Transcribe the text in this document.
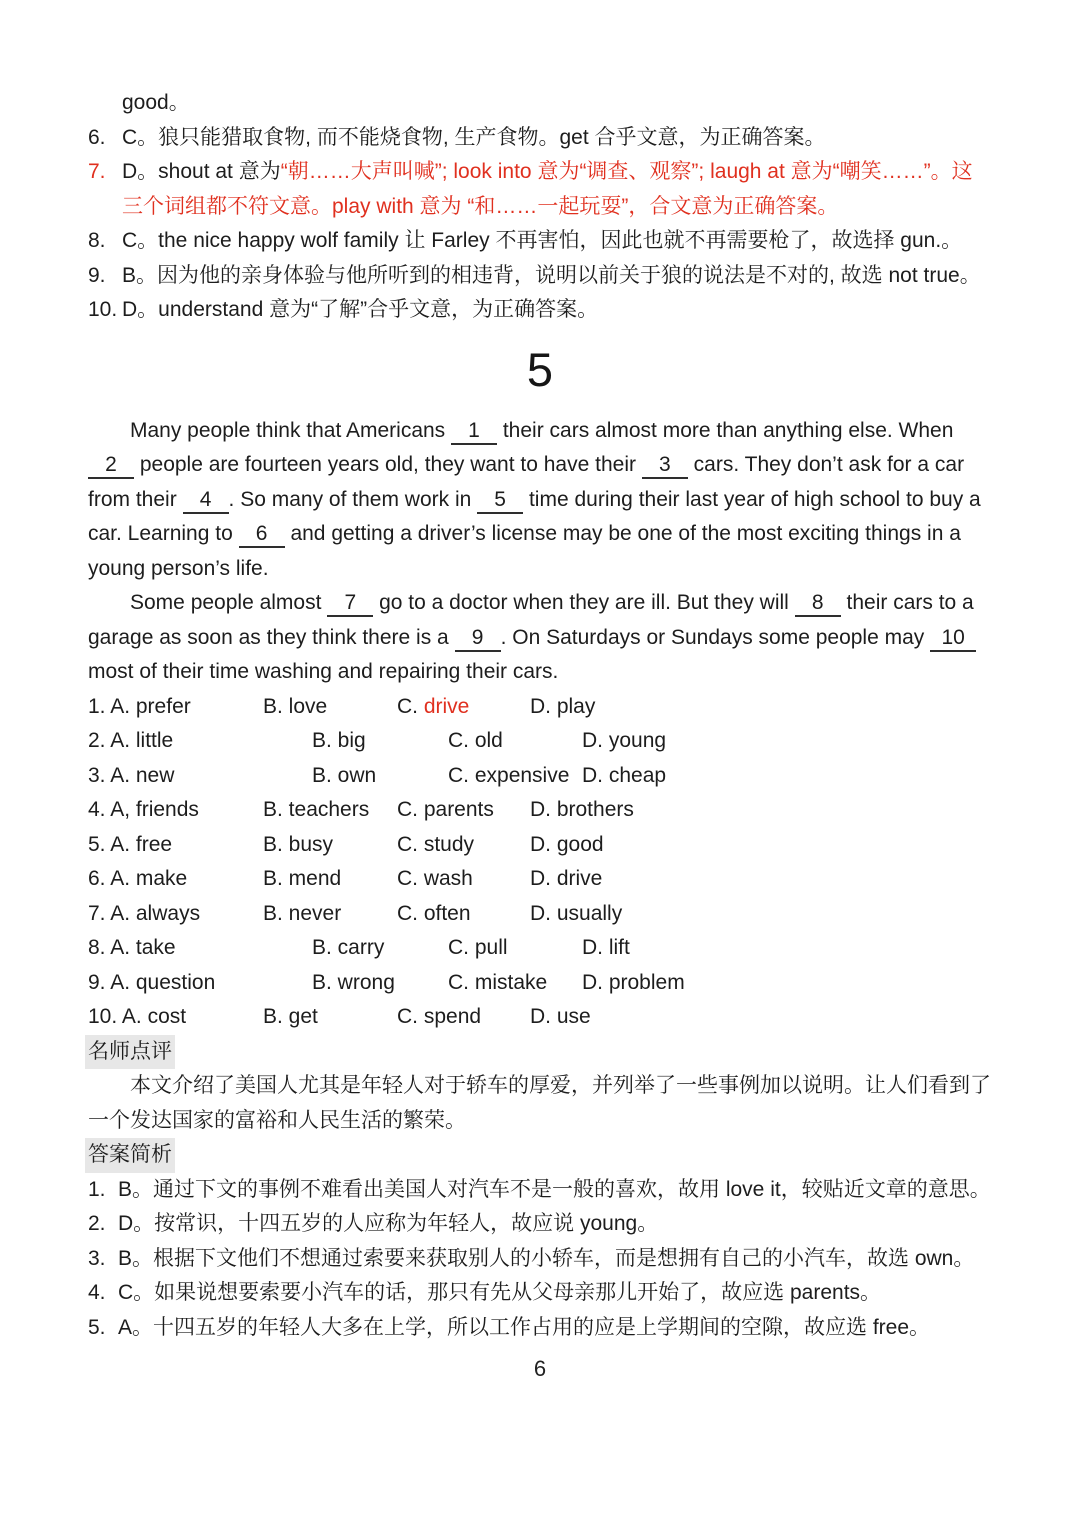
good。
6. C。狼只能猎取食物, 而不能烧食物, 生产食物。get 合乎文意，为正确答案。
7. D。shout at 意为“朝……大声叫喊”; look into 意为“调查、观察”; laugh at 意为“嘲笑……”。这三个词组都不符文意。play with 意为 “和……一起玩耍”，合文意为正确答案。
8. C。the nice happy wolf family 让 Farley 不再害怕，因此也就不再需要枪了，故选择 gun.。
9. B。因为他的亲身体验与他所听到的相违背，说明以前关于狼的说法是不对的, 故选 not true。
10. D。understand 意为“了解”合乎文意，为正确答案。
5

Many people think that Americans 1 their cars almost more than anything else. When 2 people are fourteen years old, they want to have their 3 cars. They don’t ask for a car from their 4 . So many of them work in 5 time during their last year of high school to buy a car. Learning to 6 and getting a driver’s license may be one of the most exciting things in a young person’s life.

Some people almost 7 go to a doctor when they are ill. But they will 8 their cars to a garage as soon as they think there is a 9 . On Saturdays or Sundays some people may 10 most of their time washing and repairing their cars.

1. A. prefer	B. love	C. drive	D. play
2. A. little	B. big	C. old	D. young
3. A. new	B. own	C. expensive D. cheap
4. A, friends	B. teachers	C. parents	D. brothers
5. A. free	B. busy	C. study	D. good
6. A. make	B. mend	C. wash	D. drive
7. A. always	B. never	C. often	D. usually
8. A. take	B. carry	C. pull	D. lift
9. A. question	B. wrong	C. mistake	D. problem
10. A. cost	B. get	C. spend	D. use
名师点评

本文介绍了美国人尤其是年轻人对于轿车的厚爱，并列举了一些事例加以说明。让人们看到了一个发达国家的富裕和人民生活的繁荣。

答案简析
1. B。通过下文的事例不难看出美国人对汽车不是一般的喜欢，故用 love it，较贴近文章的意思。
2. D。按常识，十四五岁的人应称为年轻人，故应说 young。
3. B。根据下文他们不想通过索要来获取别人的小轿车，而是想拥有自己的小汽车，故选 own。
4. C。如果说想要索要小汽车的话，那只有先从父母亲那儿开始了，故应选 parents。
5. A。十四五岁的年轻人大多在上学，所以工作占用的应是上学期间的空隙，故应选 free。
6
